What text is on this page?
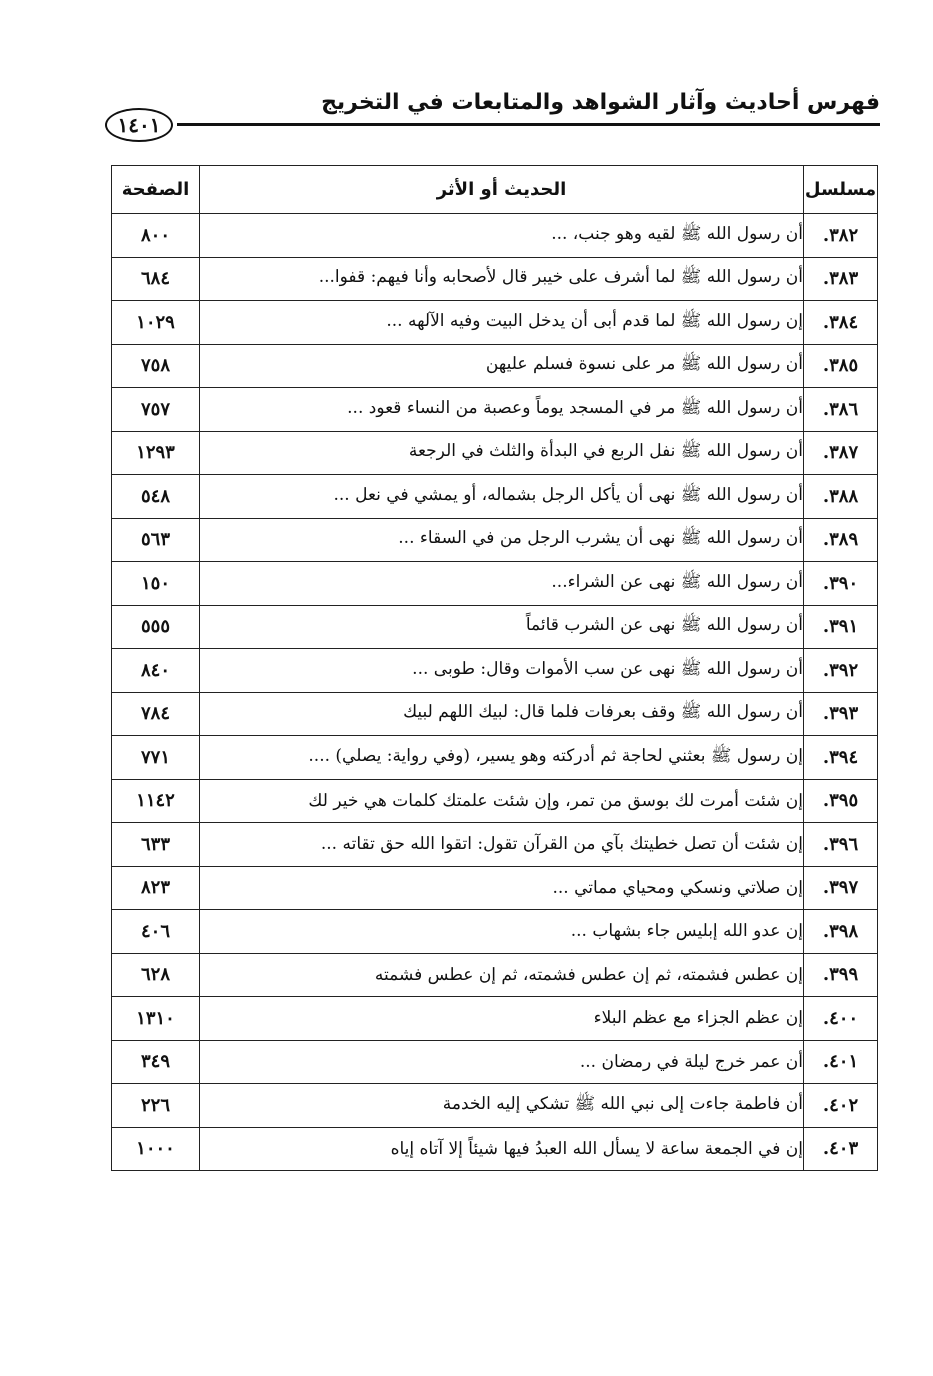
١٤٠١
فهرس أحاديث وآثار الشواهد والمتابعات في التخريج
مسلسل	الحديث أو الأثر	الصفحة
٣٨٢.	أن رسول الله ﷺ لقيه وهو جنب، ...	٨٠٠
٣٨٣.	أن رسول الله ﷺ لما أشرف على خيبر قال لأصحابه وأنا فيهم: قفوا...	٦٨٤
٣٨٤.	إن رسول الله ﷺ لما قدم أبى أن يدخل البيت وفيه الآلهه ...	١٠٢٩
٣٨٥.	أن رسول الله ﷺ مر على نسوة فسلم عليهن	٧٥٨
٣٨٦.	أن رسول الله ﷺ مر في المسجد يوماً وعصبة من النساء قعود ...	٧٥٧
٣٨٧.	أن رسول الله ﷺ نفل الربع في البدأة والثلث في الرجعة	١٢٩٣
٣٨٨.	أن رسول الله ﷺ نهى أن يأكل الرجل بشماله، أو يمشي في نعل ...	٥٤٨
٣٨٩.	أن رسول الله ﷺ نهى أن يشرب الرجل من في السقاء ...	٥٦٣
٣٩٠.	أن رسول الله ﷺ نهى عن الشراء...	١٥٠
٣٩١.	أن رسول الله ﷺ نهى عن الشرب قائماً	٥٥٥
٣٩٢.	أن رسول الله ﷺ نهى عن سب الأموات وقال: طوبى ...	٨٤٠
٣٩٣.	أن رسول الله ﷺ وقف بعرفات فلما قال: لبيك اللهم لبيك	٧٨٤
٣٩٤.	إن رسول ﷺ بعثني لحاجة ثم أدركته وهو يسير، (وفي رواية: يصلي) ....	٧٧١
٣٩٥.	إن شئت أمرت لك بوسق من تمر، وإن شئت علمتك كلمات هي خير لك	١١٤٢
٣٩٦.	إن شئت أن تصل خطيتك بآي من القرآن تقول: اتقوا الله حق تقاته ...	٦٣٣
٣٩٧.	إن صلاتي ونسكي ومحياي مماتي ...	٨٢٣
٣٩٨.	إن عدو الله إبليس جاء بشهاب ...	٤٠٦
٣٩٩.	إن عطس فشمته، ثم إن عطس فشمته، ثم إن عطس فشمته	٦٢٨
٤٠٠.	إن عظم الجزاء مع عظم البلاء	١٣١٠
٤٠١.	أن عمر خرج ليلة في رمضان ...	٣٤٩
٤٠٢.	أن فاطمة جاءت إلى نبي الله ﷺ تشكي إليه الخدمة	٢٢٦
٤٠٣.	إن في الجمعة ساعة لا يسأل الله العبدُ فيها شيئاً إلا آتاه إياه	١٠٠٠
